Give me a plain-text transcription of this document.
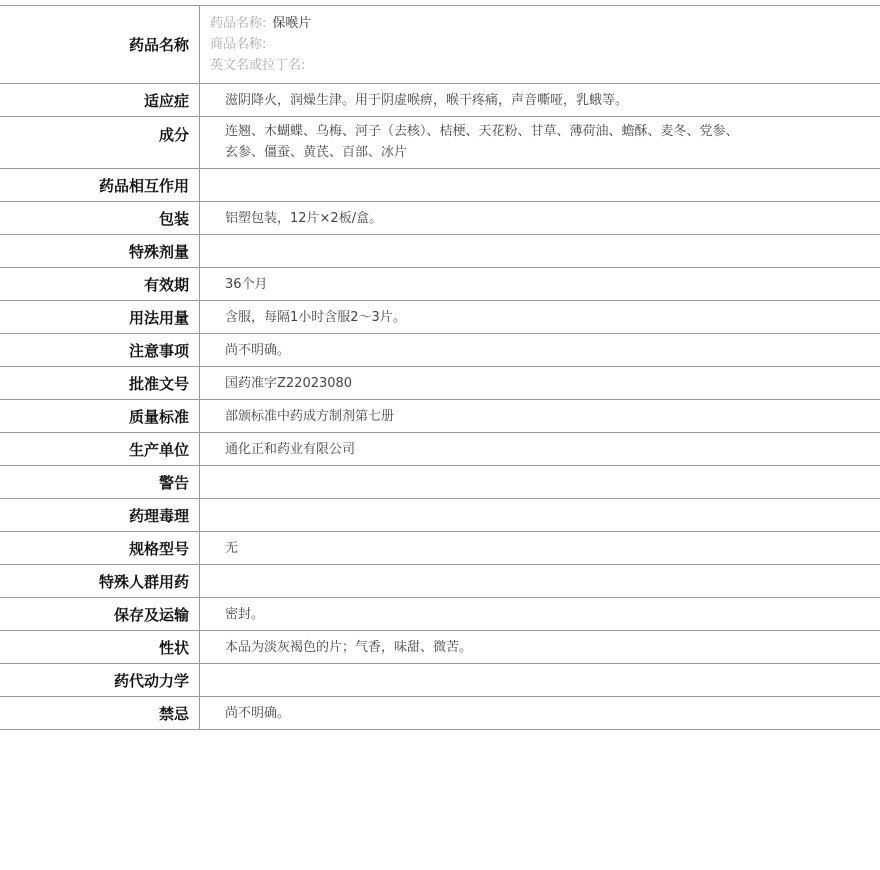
药品名称
药品名称: 保喉片
商品名称:
英文名或拉丁名:
适应症	滋阴降火，润燥生津。用于阴虚喉痹，喉干疼痛，声音嘶哑，乳蛾等。
成分	连翘、木蝴蝶、乌梅、河子（去核）、桔梗、天花粉、甘草、薄荷油、蟾酥、麦冬、党参、
玄参、僵蚕、黄芪、百部、冰片
药品相互作用
包装	铝塑包装，12片×2板/盒。
特殊剂量
有效期	36个月
用法用量	含服，每隔1小时含服2～3片。
注意事项	尚不明确。
批准文号	国药准字Z22023080
质量标准	部颁标准中药成方制剂第七册
生产单位	通化正和药业有限公司
警告
药理毒理
规格型号	无
特殊人群用药
保存及运输	密封。
性状	本品为淡灰褐色的片；气香，味甜、微苦。
药代动力学
禁忌	尚不明确。
